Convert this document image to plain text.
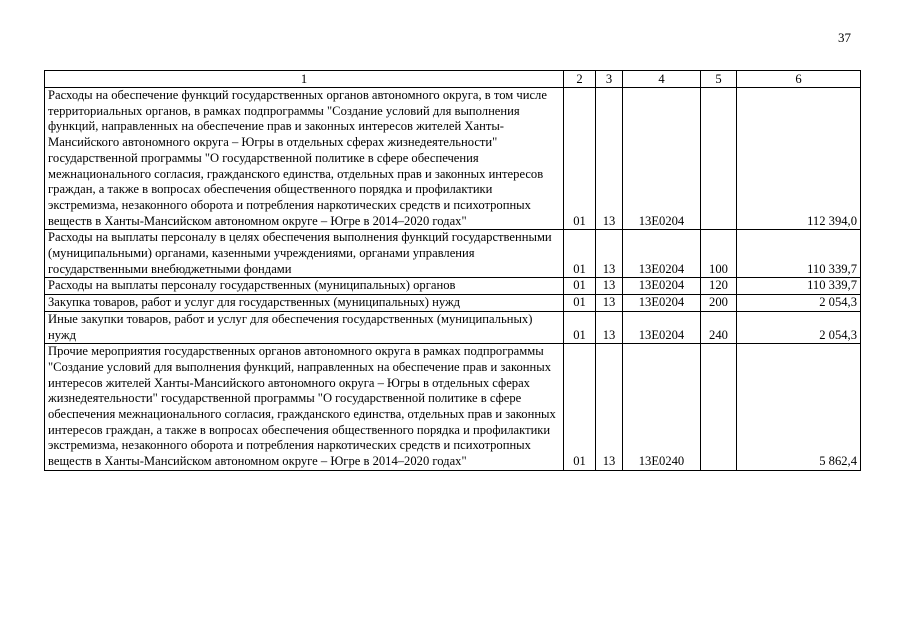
37
1	2	3	4	5	6
Расходы на обеспечение функций государственных органов автономного округа, в том числе территориальных органов, в рамках подпрограммы "Создание условий для выполнения функций, направленных на обеспечение прав и законных интересов жителей Ханты-Мансийского автономного округа – Югры в отдельных сферах жизнедеятельности" государственной программы "О государственной политике в сфере обеспечения межнационального согласия, гражданского единства, отдельных прав и законных интересов граждан, а также в вопросах обеспечения общественного порядка и профилактики экстремизма, незаконного оборота и потребления наркотических средств и психотропных веществ в Ханты-Мансийском автономном округе – Югре в 2014–2020 годах"	01	13	13Е0204		112 394,0
Расходы на выплаты персоналу в целях обеспечения выполнения функций государственными (муниципальными) органами, казенными учреждениями, органами управления государственными внебюджетными фондами	01	13	13Е0204	100	110 339,7
Расходы на выплаты персоналу государственных (муниципальных) органов	01	13	13Е0204	120	110 339,7
Закупка товаров, работ и услуг для государственных (муниципальных) нужд	01	13	13Е0204	200	2 054,3
Иные закупки товаров, работ и услуг для обеспечения государственных (муниципальных) нужд	01	13	13Е0204	240	2 054,3
Прочие мероприятия государственных органов автономного округа в рамках подпрограммы "Создание условий для выполнения функций, направленных на обеспечение прав и законных интересов жителей Ханты-Мансийского автономного округа – Югры в отдельных сферах жизнедеятельности" государственной программы "О государственной политике в сфере обеспечения межнационального согласия, гражданского единства, отдельных прав и законных интересов граждан, а также в вопросах обеспечения общественного порядка и профилактики экстремизма, незаконного оборота и потребления наркотических средств и психотропных веществ в Ханты-Мансийском автономном округе – Югре в 2014–2020 годах"	01	13	13Е0240		5 862,4
